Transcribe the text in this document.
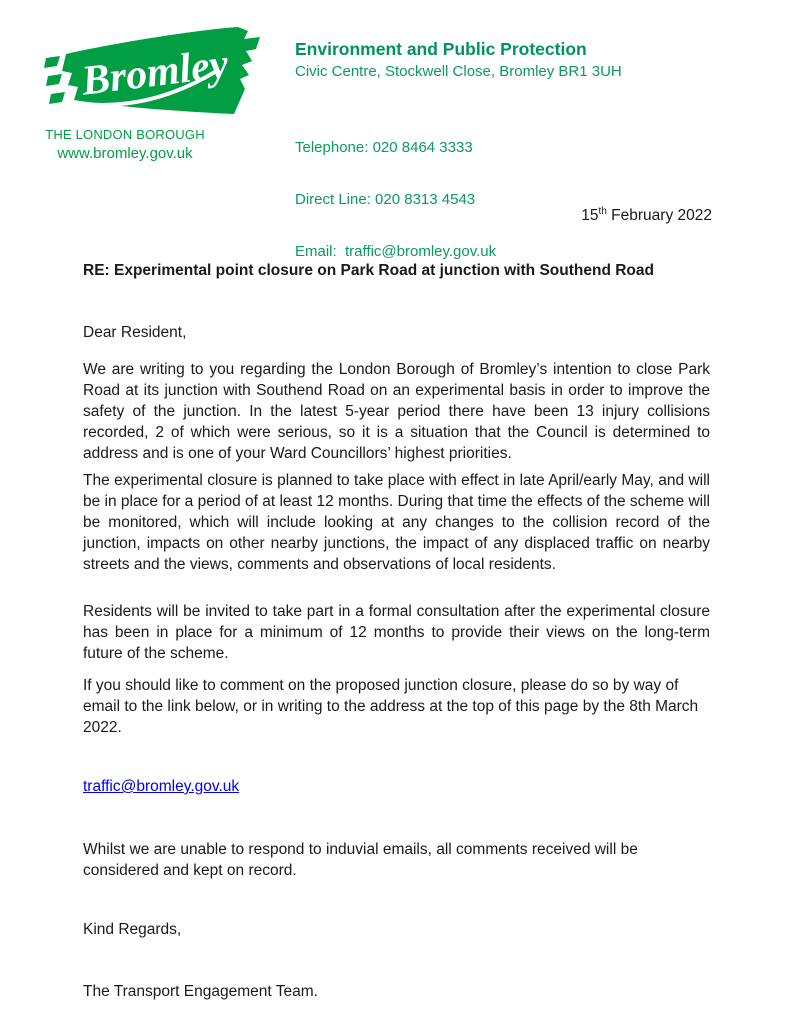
Bromley
THE LONDON BOROUGH
www.bromley.gov.uk
Environment and Public Protection
Civic Centre, Stockwell Close, Bromley BR1 3UH

Telephone: 020 8464 3333

Direct Line: 020 8313 4543

Email:  traffic@bromley.gov.uk

15th February 2022
RE: Experimental point closure on Park Road at junction with Southend Road
Dear Resident,
We are writing to you regarding the London Borough of Bromley’s intention to close Park Road at its junction with Southend Road on an experimental basis in order to improve the safety of the junction. In the latest 5-year period there have been 13 injury collisions recorded, 2 of which were serious, so it is a situation that the Council is determined to address and is one of your Ward Councillors’ highest priorities.
The experimental closure is planned to take place with effect in late April/early May, and will be in place for a period of at least 12 months. During that time the effects of the scheme will be monitored, which will include looking at any changes to the collision record of the junction, impacts on other nearby junctions, the impact of any displaced traffic on nearby streets and the views, comments and observations of local residents.
Residents will be invited to take part in a formal consultation after the experimental closure has been in place for a minimum of 12 months to provide their views on the long-term future of the scheme.
If you should like to comment on the proposed junction closure, please do so by way of email to the link below, or in writing to the address at the top of this page by the 8th March 2022.
traffic@bromley.gov.uk
Whilst we are unable to respond to induvial emails, all comments received will be considered and kept on record.
Kind Regards,
The Transport Engagement Team.
